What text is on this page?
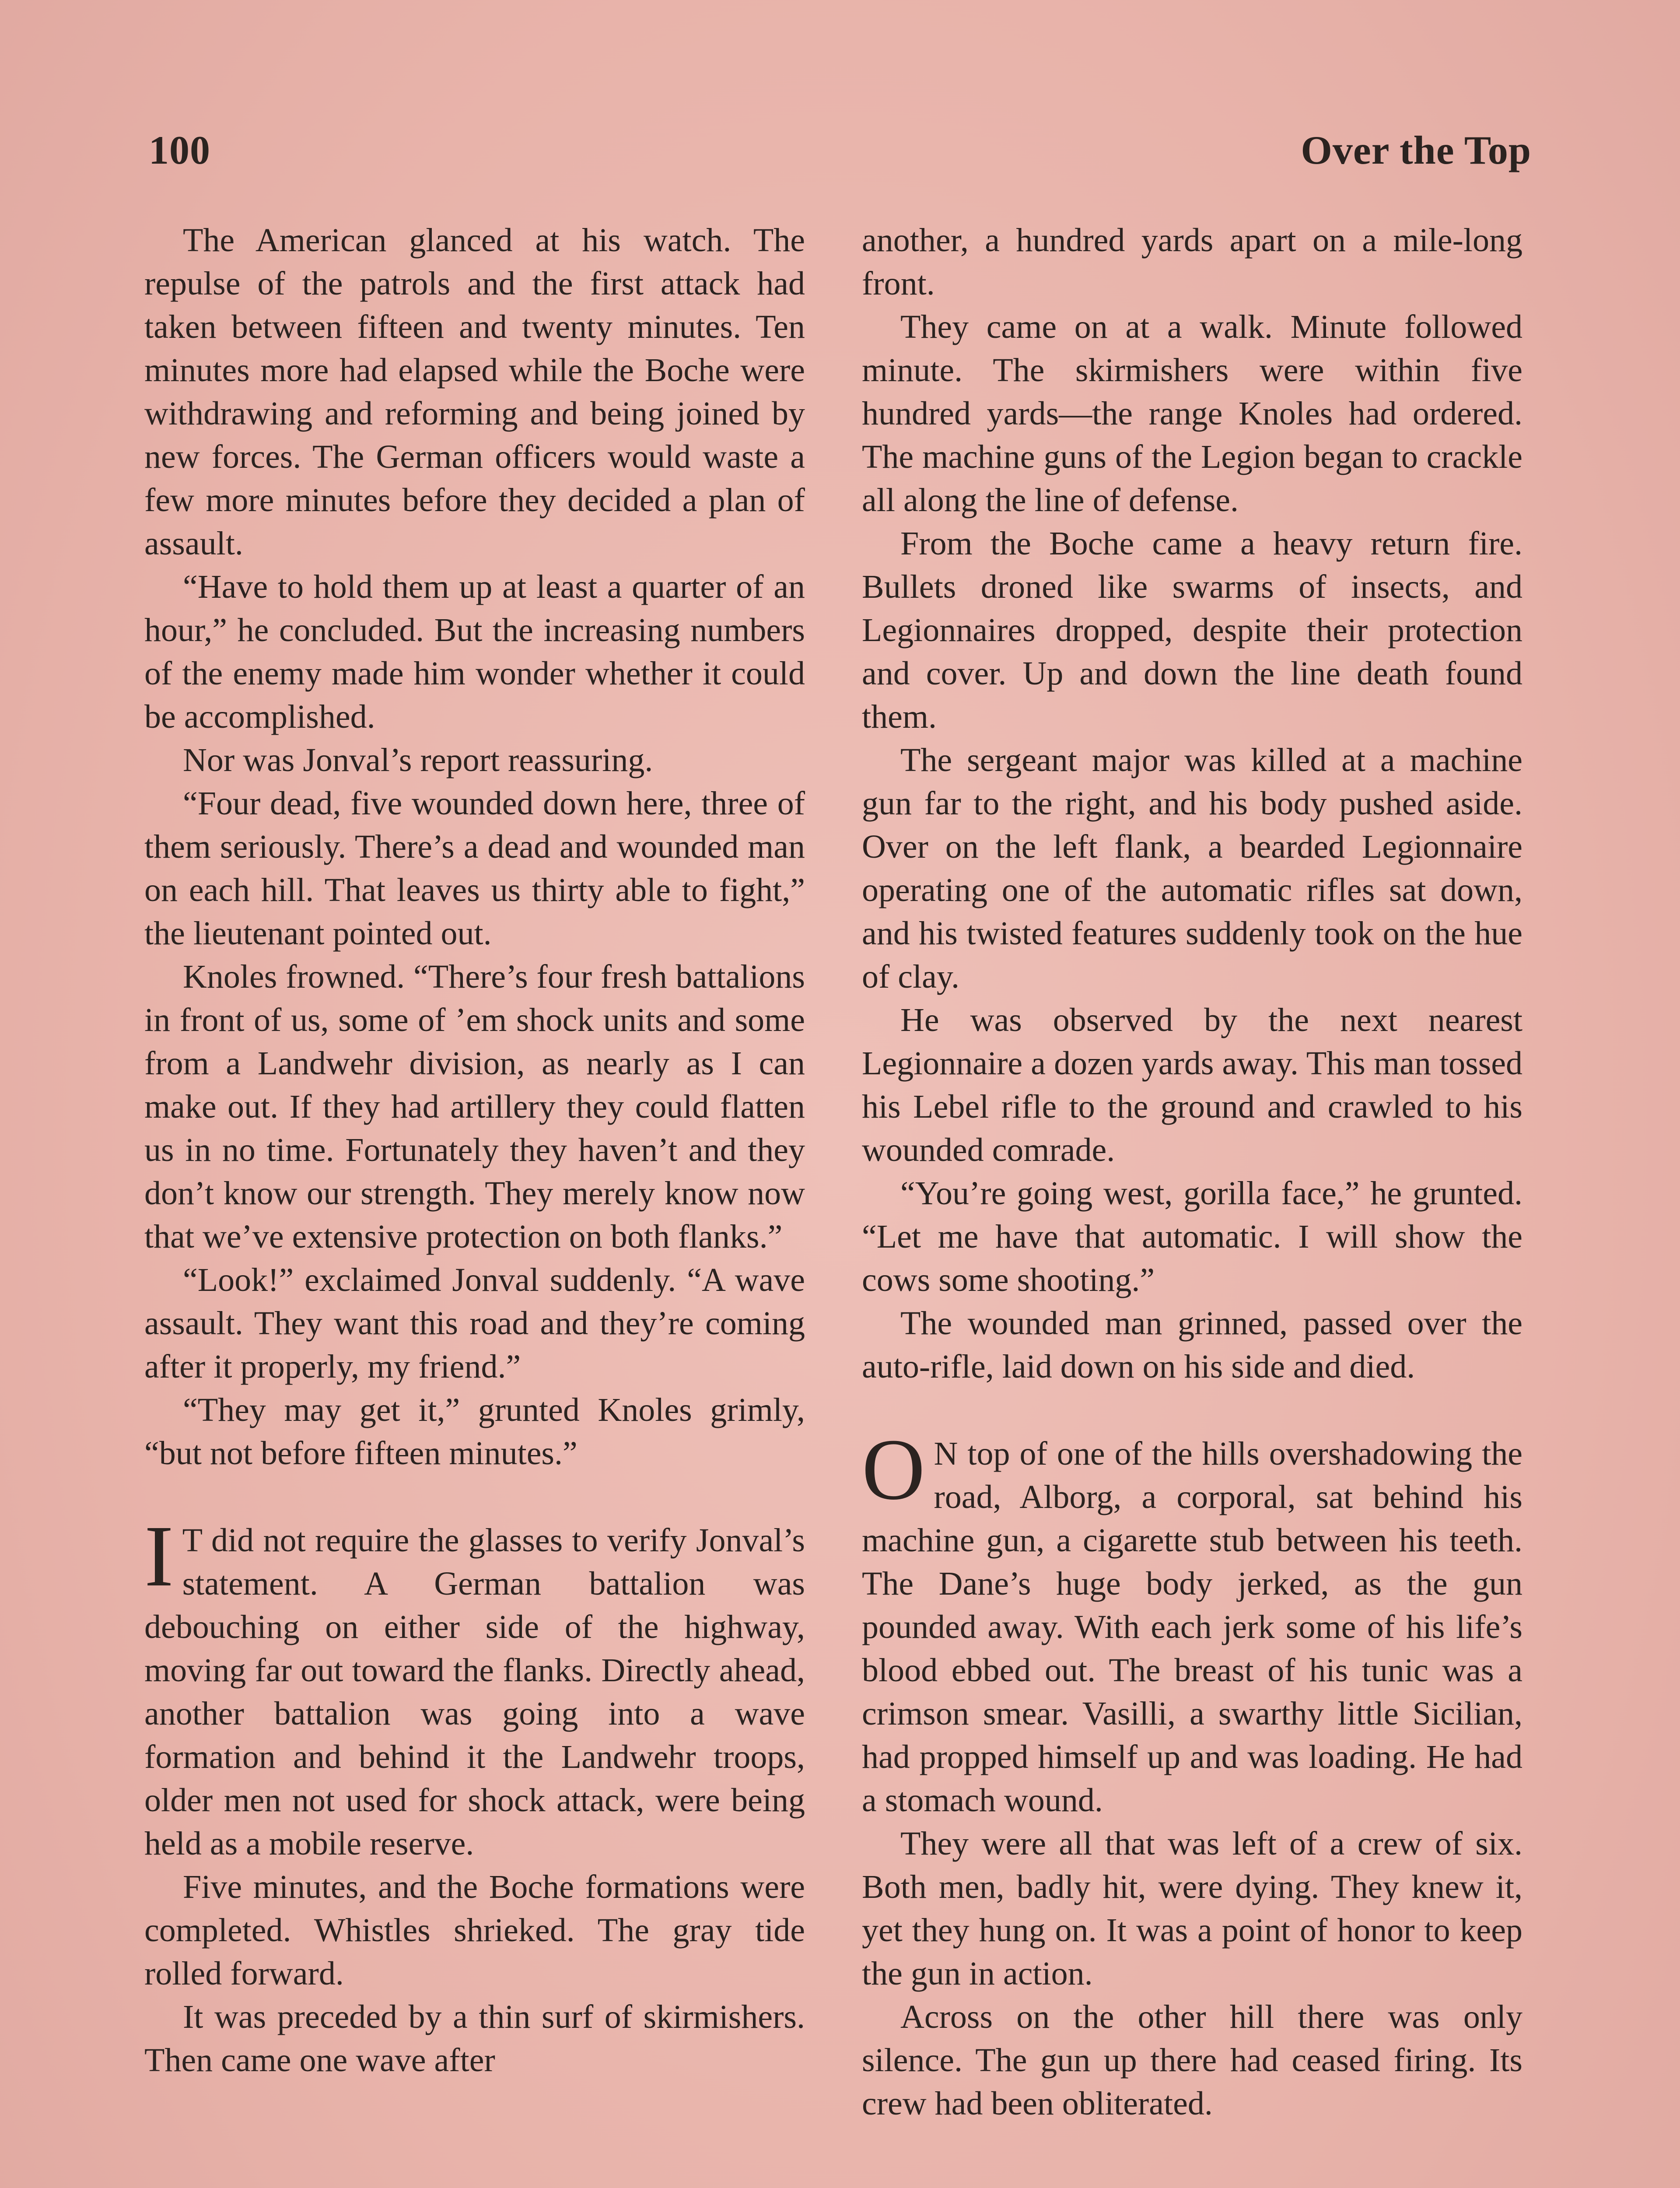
100	Over the Top

The American glanced at his watch. The repulse of the patrols and the first attack had taken between fifteen and twenty minutes. Ten minutes more had elapsed while the Boche were withdrawing and reforming and being joined by new forces. The German officers would waste a few more minutes before they decided a plan of assault.

“Have to hold them up at least a quarter of an hour,” he concluded. But the increasing numbers of the enemy made him wonder whether it could be accomplished.

Nor was Jonval’s report reassuring.

“Four dead, five wounded down here, three of them seriously. There’s a dead and wounded man on each hill. That leaves us thirty able to fight,” the lieutenant pointed out.

Knoles frowned. “There’s four fresh battalions in front of us, some of ’em shock units and some from a Landwehr division, as nearly as I can make out. If they had artillery they could flatten us in no time. Fortunately they haven’t and they don’t know our strength. They merely know now that we’ve extensive protection on both flanks.”

“Look!” exclaimed Jonval suddenly. “A wave assault. They want this road and they’re coming after it properly, my friend.”

“They may get it,” grunted Knoles grimly, “but not before fifteen minutes.”

I T did not require the glasses to verify Jonval’s statement. A German battalion was debouching on either side of the highway, moving far out toward the flanks. Directly ahead, another battalion was going into a wave formation and behind it the Landwehr troops, older men not used for shock attack, were being held as a mobile reserve.

Five minutes, and the Boche formations were completed. Whistles shrieked. The gray tide rolled forward.

It was preceded by a thin surf of skirmishers. Then came one wave after

another, a hundred yards apart on a mile-long front.

They came on at a walk. Minute followed minute. The skirmishers were within five hundred yards—the range Knoles had ordered. The machine guns of the Legion began to crackle all along the line of defense.

From the Boche came a heavy return fire. Bullets droned like swarms of insects, and Legionnaires dropped, despite their protection and cover. Up and down the line death found them.

The sergeant major was killed at a machine gun far to the right, and his body pushed aside. Over on the left flank, a bearded Legionnaire operating one of the automatic rifles sat down, and his twisted features suddenly took on the hue of clay.

He was observed by the next nearest Legionnaire a dozen yards away. This man tossed his Lebel rifle to the ground and crawled to his wounded comrade.

“You’re going west, gorilla face,” he grunted. “Let me have that automatic. I will show the cows some shooting.”

The wounded man grinned, passed over the auto-rifle, laid down on his side and died.

O N top of one of the hills overshadowing the road, Alborg, a corporal, sat behind his machine gun, a cigarette stub between his teeth. The Dane’s huge body jerked, as the gun pounded away. With each jerk some of his life’s blood ebbed out. The breast of his tunic was a crimson smear. Vasilli, a swarthy little Sicilian, had propped himself up and was loading. He had a stomach wound.

They were all that was left of a crew of six. Both men, badly hit, were dying. They knew it, yet they hung on. It was a point of honor to keep the gun in action.

Across on the other hill there was only silence. The gun up there had ceased firing. Its crew had been obliterated.
